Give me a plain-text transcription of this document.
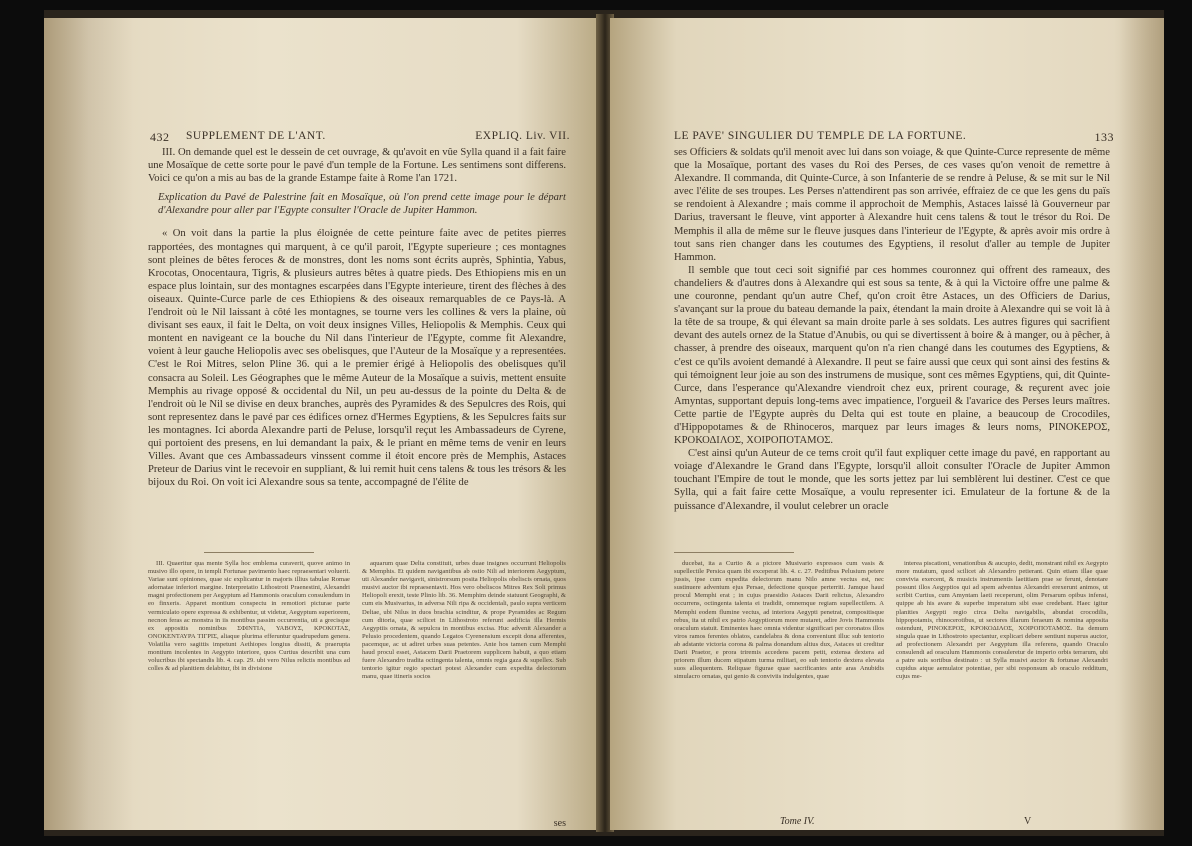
432 SUPPLEMENT DE L'ANT.	EXPLIQ. Liv. VII.

III. On demande quel est le dessein de cet ouvrage, & qu'avoit en vûe Sylla quand il a fait faire une Mosaïque de cette sorte pour le pavé d'un temple de la Fortune. Les sentimens sont differens. Voici ce qu'on a mis au bas de la grande Estampe faite à Rome l'an 1721.

Explication du Pavé de Palestrine fait en Mosaïque, où l'on prend cette image pour le départ d'Alexandre pour aller par l'Egypte consulter l'Oracle de Jupiter Hammon.

« On voit dans la partie la plus éloignée de cette peinture faite avec de petites pierres rapportées, des montagnes qui marquent, à ce qu'il paroit, l'Egypte superieure ; ces montagnes sont pleines de bêtes feroces & de monstres, dont les noms sont écrits auprès, Sphintia, Yabus, Krocotas, Onocentaura, Tigris, & plusieurs autres bêtes à quatre pieds. Des Ethiopiens mis en un espace plus lointain, sur des montagnes escarpées dans l'Egypte interieure, tirent des flèches à des oiseaux. Quinte-Curce parle de ces Ethiopiens & des oiseaux remarquables de ce Pays-là. A l'endroit où le Nil laissant à côté les montagnes, se tourne vers les collines & vers la plaine, où divisant ses eaux, il fait le Delta, on voit deux insignes Villes, Heliopolis & Memphis. Ceux qui montent en navigeant ce la bouche du Nil dans l'interieur de l'Egypte, comme fit Alexandre, voient à leur gauche Heliopolis avec ses obelisques, que l'Auteur de la Mosaïque y a representées. C'est le Roi Mitres, selon Pline 36. qui a le premier érigé à Heliopolis des obelisques qu'il consacra au Soleil. Les Géographes que le même Auteur de la Mosaïque a suivis, mettent ensuite Memphis au rivage opposé & occidental du Nil, un peu au-dessus de la pointe du Delta & de l'endroit où le Nil se divise en deux branches, auprès des Pyramides & des Sepulcres des Rois, qui sont representez dans le pavé par ces édifices ornez d'Hermes Egyptiens, & les Sepulcres faits sur les montagnes. Ici aborda Alexandre parti de Peluse, lorsqu'il reçut les Ambassadeurs de Cyrene, qui portoient des presens, en lui demandant la paix, & le priant en même tems de venir en leurs Villes. Avant que ces Ambassadeurs vinssent comme il étoit encore près de Memphis, Astaces Preteur de Darius vint le recevoir en suppliant, & lui remit huit cens talens & tous les trésors & les bijoux du Roi. On voit ici Alexandre sous sa tente, accompagné de l'élite de

III. Quaeritur qua mente Sylla hoc emblema curaverit, quove animo in musivo illo opere, in templi Fortunae pavimento haec repraesentari voluerit. Variae sunt opiniones, quae sic explicantur in majoris illius tabulae Romae adornatae inferiori margine. Interpretatio Lithostroti Praenestini, Alexandri magni profectionem per Aegyptum ad Hammonis oraculum consulendum in eo finxeris. Apparet montium conspectu in remotiori picturae parte vermiculato opere expressa & exhibentur, ut videtur, Aegyptum superiorem, necnon feras ac monstra in iis montibus passim occurrentia, uti a grecisque ex appositis nominibus ΣΦΙΝΤΙΑ, ΥΑΒΟΥΣ, ΚΡΟΚΟΤΑΣ, ΟΝΟΚΕΝΤΑΥΡΑ ΤΙΓΡΙΣ, aliaque plurima efferuntur quadrupedum genera. Volatilia vero sagittis impetunt Aethiopes longius dissiti, & praerupta montium incolentes in Aegypto interiore, quos Curtius describit una cum volucribus ibi spectandis lib. 4. cap. 29. ubi vero Nilus relictis montibus ad colles & ad planitiem delabitur, ibi in divisione

aquarum quae Delta constituit, urbes duae insignes occurrunt Heliopolis & Memphis. Et quidem navigantibus ab ostio Nili ad interiorem Aegyptum, uti Alexander navigavit, sinistrorsum posita Heliopolis obeliscis ornata, quos musivi auctor ibi repraesentavit. Hos vero obeliscos Mitres Rex Soli primus Heliopoli erexit, teste Plinio lib. 36. Memphim deinde statuunt Geographi, & cum eis Musivarius, in adversa Nili ripa & occidentali, paulo supra verticem Deltae, ubi Nilus in duos brachia scinditur, & prope Pyramides ac Regum cum ditoria, quae scilicet in Lithostroto referunt aedificia illa Hermis Aegyptiis ornata, & sepulcra in montibus excisa. Huc advenit Alexander a Pelusio procedentem, quando Legatos Cyrenensium excepit dona afferentes, pacemque, ac ut adiret urbes suas petentes. Ante hos tamen cum Memphi haud procul esset, Astacem Darii Praetorem supplicem habuit, a quo etiam fuere Alexandro tradita octingenta talenta, omnis regia gaza & supellex. Sub tentorio igitur regio spectari potest Alexander cum expedita delectorum manu, quae itineris socios

ses
LE PAVE' SINGULIER DU TEMPLE DE LA FORTUNE.	133

ses Officiers & soldats qu'il menoit avec lui dans son voiage, & que Quinte-Curce represente de même que la Mosaïque, portant des vases du Roi des Perses, de ces vases qu'on venoit de remettre à Alexandre. Il commanda, dit Quinte-Curce, à son Infanterie de se rendre à Peluse, & se mit sur le Nil avec l'élite de ses troupes. Les Perses n'attendirent pas son arrivée, effraiez de ce que les gens du païs se rendoient à Alexandre ; mais comme il approchoit de Memphis, Astaces laissé là Gouverneur par Darius, traversant le fleuve, vint apporter à Alexandre huit cens talens & tout le trésor du Roi. De Memphis il alla de même sur le fleuve jusques dans l'interieur de l'Egypte, & après avoir mis ordre à tout sans rien changer dans les coutumes des Egyptiens, il resolut d'aller au temple de Jupiter Hammon.

Il semble que tout ceci soit signifié par ces hommes couronnez qui offrent des rameaux, des chandeliers & d'autres dons à Alexandre qui est sous sa tente, & à qui la Victoire offre une palme & une couronne, pendant qu'un autre Chef, qu'on croit être Astaces, un des Officiers de Darius, s'avançant sur la proue du bateau demande la paix, étendant la main droite à Alexandre qui se voit là à la tête de sa troupe, & qui élevant sa main droite parle à ses soldats. Les autres figures qui sacrifient devant des autels ornez de la Statue d'Anubis, ou qui se divertissent à boire & à manger, ou à pêcher, à chasser, à prendre des oiseaux, marquent qu'on n'a rien changé dans les coutumes des Egyptiens, & c'est ce qu'ils avoient demandé à Alexandre. Il peut se faire aussi que ceux qui sont ainsi des festins & qui témoignent leur joie au son des instrumens de musique, sont ces mêmes Egyptiens, qui, dit Quinte-Curce, dans l'esperance qu'Alexandre viendroit chez eux, prirent courage, & reçurent avec joie Amyntas, supportant depuis long-tems avec impatience, l'orgueil & l'avarice des Perses leurs maîtres. Cette partie de l'Egypte auprès du Delta qui est toute en plaine, a beaucoup de Crocodiles, d'Hippopotames & de Rhinoceros, marquez par leurs images & leurs noms, ΡΙΝΟΚΕΡΟΣ, ΚΡΟΚΟΔΙΛΟΣ, ΧΟΙΡΟΠΟΤΑΜΟΣ.

C'est ainsi qu'un Auteur de ce tems croit qu'il faut expliquer cette image du pavé, en rapportant au voiage d'Alexandre le Grand dans l'Egypte, lorsqu'il alloit consulter l'Oracle de Jupiter Ammon touchant l'Empire de tout le monde, que les sorts jettez par lui semblèrent lui destiner. C'est ce que Sylla, qui a fait faire cette Mosaïque, a voulu representer ici. Emulateur de la fortune & de la puissance d'Alexandre, il voulut celebrer un oracle

ducebat, ita a Curtio & a pictore Musivario expressos cum vasis & supellectile Persica quam ibi exceperat lib. 4. c. 27. Peditibus Pelusium petere jussis, ipse cum expedita delectorum manu Nilo amne vectus est, nec sustinuere adventum ejus Persae, defectione quoque perterriti. Jamque haud procul Memphi erat ; in cujus praesidio Astaces Darii relictus, Alexandro occurrens, octingenta talenta ei tradidit, omnemque regiam supellectilem. A Memphi eodem flumine vectus, ad interiora Aegypti penetrat, compositisque rebus, ita ut nihil ex patrio Aegyptiorum more mutaret, adire Jovis Hammonis oraculum statuit. Eminentes haec omnia videntur significari per coronatos illos viros ramos ferentes oblatos, candelabra & dona conveniunt illuc sub tentorio ab adstante victoria corona & palma donandum altius dux, Astaces ut creditur Darii Praetor, e prora triremis accedens pacem petit, extensa dextera ad priorem illum ducem stipatum turma militari, eo sub tentorio dextera elevata suos allequentem. Reliquae figurae quae sacrificantes ante aras Anubidis simulacro ornatas, qui genio & conviviis indulgentes, quae

interea piscationi, venationibus & aucupio, dedit, monstrant nihil ex Aegypto more mutatum, quod scilicet ab Alexandro petierant. Quin etiam illae quae convivia exercent, & musicis instrumentis laetitiam prae se ferunt, denotare possunt illos Aegyptios qui ad spem adventus Alexandri erexerunt animos, ut scribit Curtius, cum Amyntam laeti receperunt, olim Persarum opibus infensi, quippe ab his avare & superbe imperatum sibi esse credebant. Haec igitur planities Aegypti regio circa Delta navigabilis, abundat crocodilis, hippopotamis, rhinocerotibus, ut sectores illarum feraeum & nomina apposita ostendunt, ΡΙΝΟΚΕΡΟΣ, ΚΡΟΚΟΔΙΛΟΣ, ΧΟΙΡΟΠΟΤΑΜΟΣ. Ita demum singula quae in Lithostroto spectantur, explicari debere sentiunt nuperus auctor, ad profectionem Alexandri per Aegyptum illa referens, quando Oraculo consulendi ad oraculum Hammonis consuleretur de imperio orbis terrarum, ubi a patre suis sortibus destinato : ut Sylla musivi auctor & fortunae Alexandri cupidus atque aemulator potentiae, per sibi responsum ab oraculo redditum, cujus me-

Tome IV.	V
